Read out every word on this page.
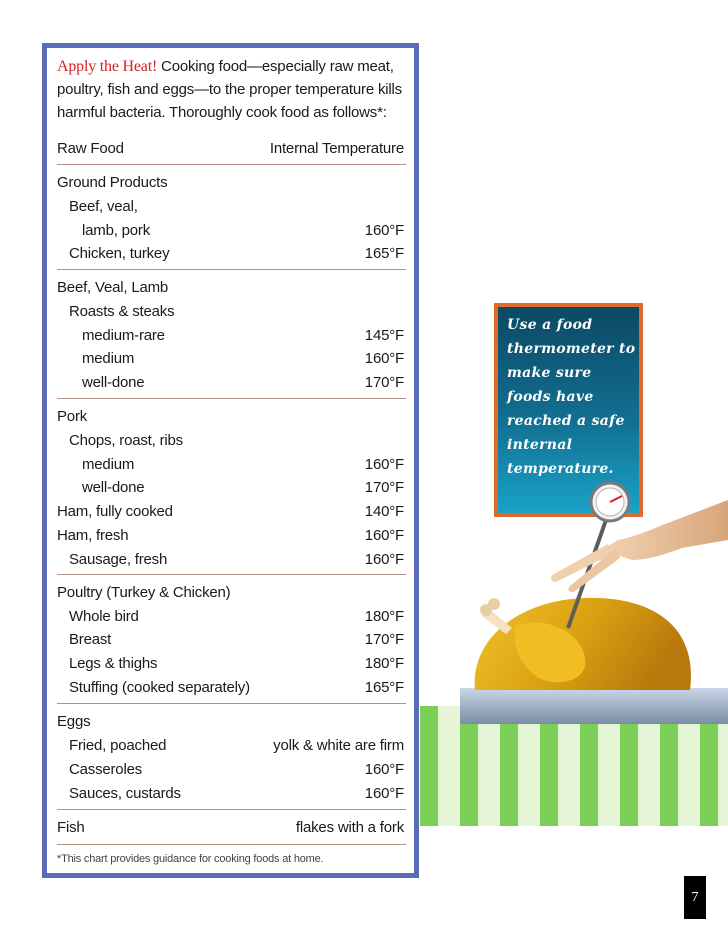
Apply the Heat! Cooking food—especially raw meat, poultry, fish and eggs—to the proper temperature kills harmful bacteria. Thoroughly cook food as follows*:
Raw Food	Internal Temperature
Ground Products
Beef, veal,
lamb, pork	160°F
Chicken, turkey	165°F
Beef, Veal, Lamb
Roasts & steaks
medium-rare	145°F
medium	160°F
well-done	170°F
Pork
Chops, roast, ribs
medium	160°F
well-done	170°F
Ham, fully cooked	140°F
Ham, fresh	160°F
Sausage, fresh	160°F
Poultry (Turkey & Chicken)
Whole bird	180°F
Breast	170°F
Legs & thighs	180°F
Stuffing (cooked separately)	165°F
Eggs
Fried, poached	yolk & white are firm
Casseroles	160°F
Sauces, custards	160°F
Fish	flakes with a fork
*This chart provides guidance for cooking foods at home.
Use a food thermometer to make sure foods have reached a safe internal temperature.
7
